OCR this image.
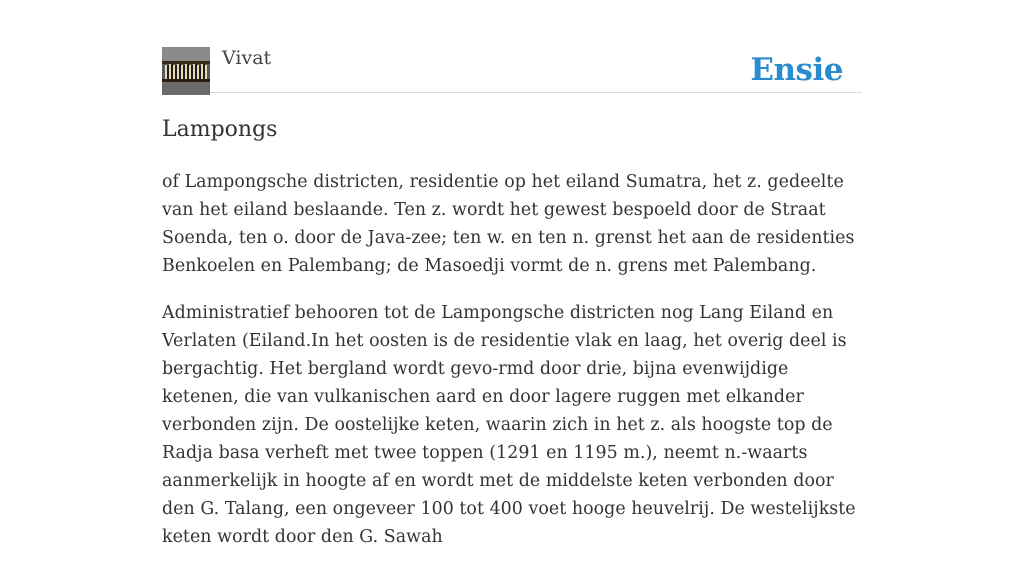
Vivat	Ensie
Lampongs

of Lampongsche districten, residentie op het eiland Sumatra, het z. gedeelte van het eiland beslaande. Ten z. wordt het gewest bespoeld door de Straat Soenda, ten o. door de Java-zee; ten w. en ten n. grenst het aan de residenties Benkoelen en Palembang; de Masoedji vormt de n. grens met Palembang.

Administratief behooren tot de Lampongsche districten nog Lang Eiland en Verlaten (Eiland.In het oosten is de residentie vlak en laag, het overig deel is bergachtig. Het bergland wordt gevo-rmd door drie, bijna evenwijdige ketenen, die van vulkanischen aard en door lagere ruggen met elkander verbonden zijn. De oostelijke keten, waarin zich in het z. als hoogste top de Radja basa verheft met twee toppen (1291 en 1195 m.), neemt n.-waarts aanmerkelijk in hoogte af en wordt met de middelste keten verbonden door den G. Talang, een ongeveer 100 tot 400 voet hooge heuvelrij. De westelijkste keten wordt door den G. Sawah
